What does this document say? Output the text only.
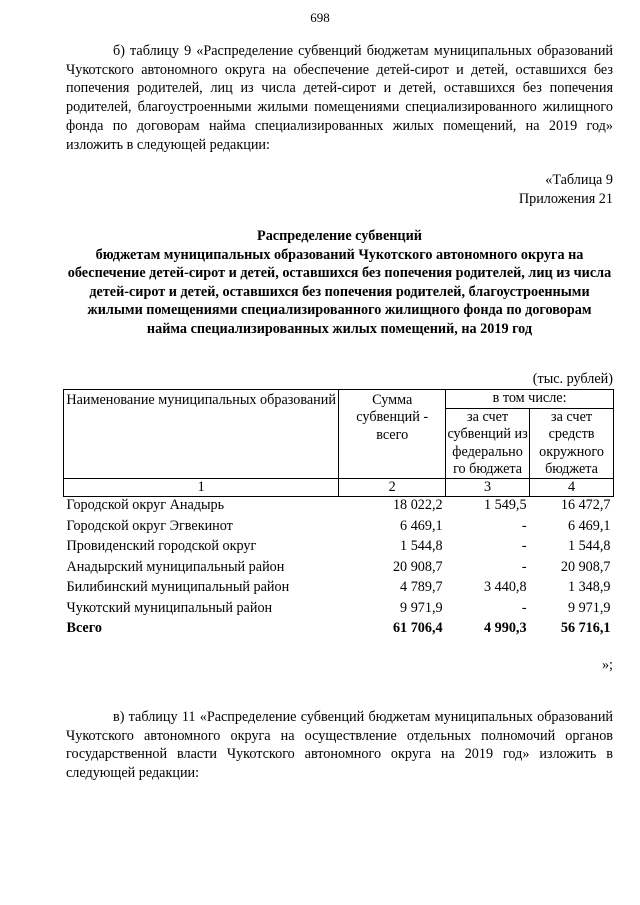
698

б) таблицу 9 «Распределение субвенций бюджетам муниципальных образований Чукотского автономного округа на обеспечение детей-сирот и детей, оставшихся без попечения родителей, лиц из числа детей-сирот и детей, оставшихся без попечения родителей, благоустроенными жилыми помещениями специализированного жилищного фонда по договорам найма специализированных жилых помещений, на 2019 год» изложить в следующей редакции:

«Таблица 9
Приложения 21

Распределение субвенций
бюджетам муниципальных образований Чукотского автономного округа на обеспечение детей-сирот и детей, оставшихся без попечения родителей, лиц из числа детей-сирот и детей, оставшихся без попечения родителей, благоустроенными жилыми помещениями специализированного жилищного фонда по договорам найма специализированных жилых помещений, на 2019 год

(тыс. рублей)
Наименование муниципальных образований	Сумма субвенций - всего	в том числе:	
		за счет субвенций из федерально го бюджета	за счет средств окружного бюджета
1	2	3	4
Городской округ Анадырь	18 022,2	1 549,5	16 472,7
Городской округ Эгвекинот	6 469,1	-	6 469,1
Провиденский городской округ	1 544,8	-	1 544,8
Анадырский муниципальный район	20 908,7	-	20 908,7
Билибинский муниципальный район	4 789,7	3 440,8	1 348,9
Чукотский муниципальный район	9 971,9	-	9 971,9
Всего	61 706,4	4 990,3	56 716,1
»;

в) таблицу 11 «Распределение субвенций бюджетам муниципальных образований Чукотского автономного округа на осуществление отдельных полномочий органов государственной власти Чукотского автономного округа на 2019 год» изложить в следующей редакции:
